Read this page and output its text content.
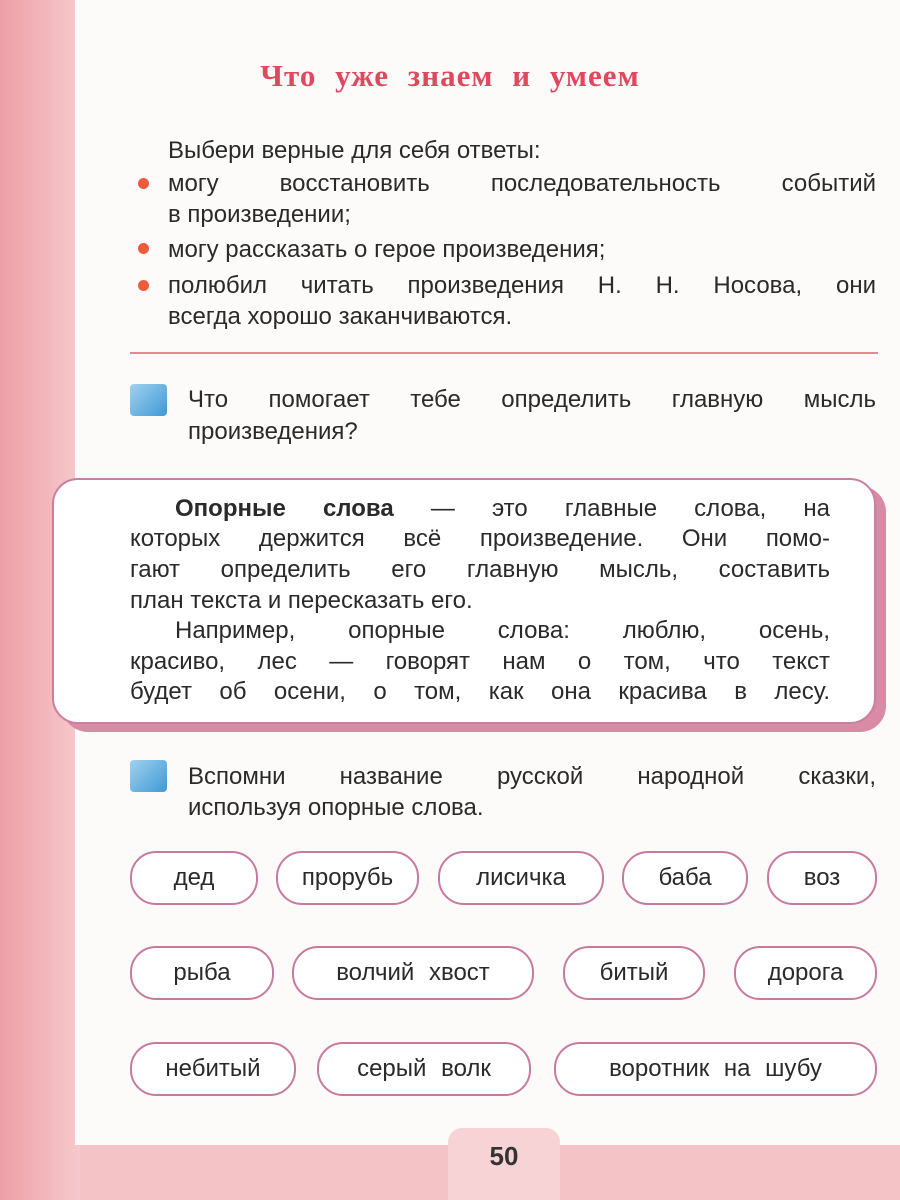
Что уже знаем и умеем
Выбери верные для себя ответы:
могу восстановить последовательность событий
в произведении;
могу рассказать о герое произведения;
полюбил читать произведения Н. Н. Носова, они
всегда хорошо заканчиваются.
Что помогает тебе определить главную мысль
произведения?
Опорные слова — это главные слова, на
которых держится всё произведение. Они помо-
гают определить его главную мысль, составить
план текста и пересказать его.
Например, опорные слова: люблю, осень,
красиво, лес — говорят нам о том, что текст
будет об осени, о том, как она красива в лесу.
Вспомни название русской народной сказки,
используя опорные слова.
дед	прорубь	лисичка	баба	воз
рыба	волчий хвост	битый	дорога
небитый	серый волк	воротник на шубу
50
